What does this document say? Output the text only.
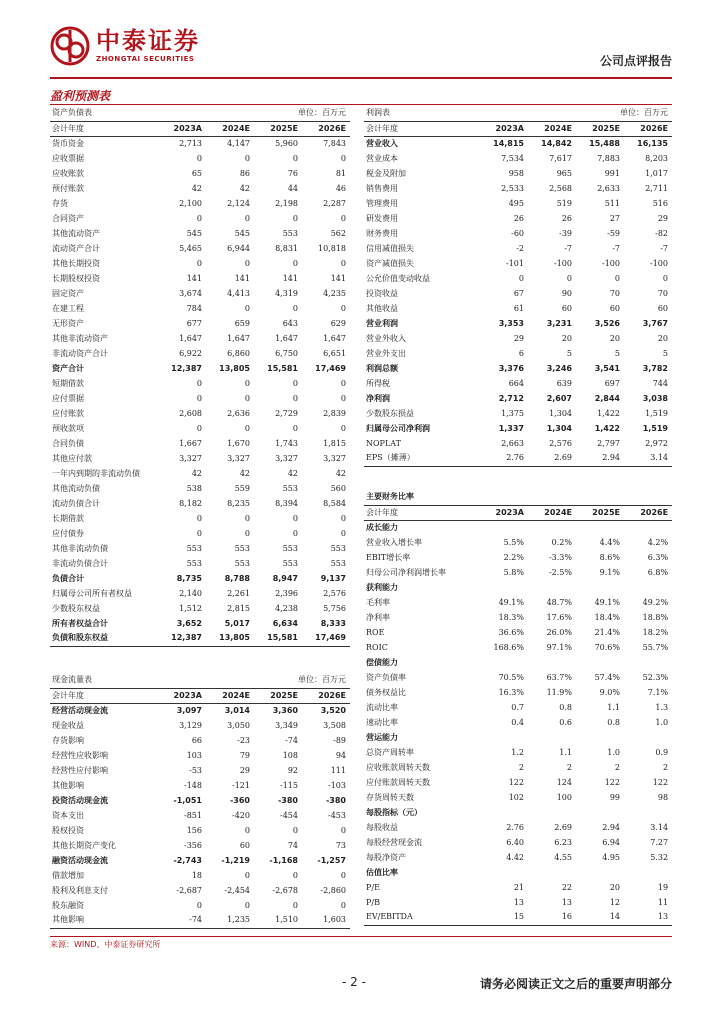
中泰证券
ZHONGTAI SECURITIES	公司点评报告
盈利预测表
资产负债表		单位：百万元		
会计年度	2023A	2024E	2025E	2026E
货币资金	2,713	4,147	5,960	7,843
应收票据	0	0	0	0
应收账款	65	86	76	81
预付账款	42	42	44	46
存货	2,100	2,124	2,198	2,287
合同资产	0	0	0	0
其他流动资产	545	545	553	562
流动资产合计	5,465	6,944	8,831	10,818
其他长期投资	0	0	0	0
长期股权投资	141	141	141	141
固定资产	3,674	4,413	4,319	4,235
在建工程	784	0	0	0
无形资产	677	659	643	629
其他非流动资产	1,647	1,647	1,647	1,647
非流动资产合计	6,922	6,860	6,750	6,651
资产合计	12,387	13,805	15,581	17,469
短期借款	0	0	0	0
应付票据	0	0	0	0
应付账款	2,608	2,636	2,729	2,839
预收款项	0	0	0	0
合同负债	1,667	1,670	1,743	1,815
其他应付款	3,327	3,327	3,327	3,327
一年内到期的非流动负债	42	42	42	42
其他流动负债	538	559	553	560
流动负债合计	8,182	8,235	8,394	8,584
长期借款	0	0	0	0
应付债券	0	0	0	0
其他非流动负债	553	553	553	553
非流动负债合计	553	553	553	553
负债合计	8,735	8,788	8,947	9,137
归属母公司所有者权益	2,140	2,261	2,396	2,576
少数股东权益	1,512	2,815	4,238	5,756
所有者权益合计	3,652	5,017	6,634	8,333
负债和股东权益	12,387	13,805	15,581	17,469
利润表		单位：百万元		
会计年度	2023A	2024E	2025E	2026E
营业收入	14,815	14,842	15,488	16,135
营业成本	7,534	7,617	7,883	8,203
税金及附加	958	965	991	1,017
销售费用	2,533	2,568	2,633	2,711
管理费用	495	519	511	516
研发费用	26	26	27	29
财务费用	-60	-39	-59	-82
信用减值损失	-2	-7	-7	-7
资产减值损失	-101	-100	-100	-100
公允价值变动收益	0	0	0	0
投资收益	67	90	70	70
其他收益	61	60	60	60
营业利润	3,353	3,231	3,526	3,767
营业外收入	29	20	20	20
营业外支出	6	5	5	5
利润总额	3,376	3,246	3,541	3,782
所得税	664	639	697	744
净利润	2,712	2,607	2,844	3,038
少数股东损益	1,375	1,304	1,422	1,519
归属母公司净利润	1,337	1,304	1,422	1,519
NOPLAT	2,663	2,576	2,797	2,972
EPS（摊薄）	2.76	2.69	2.94	3.14
主要财务比率				
会计年度	2023A	2024E	2025E	2026E
成长能力				
营业收入增长率	5.5%	0.2%	4.4%	4.2%
EBIT增长率	2.2%	-3.3%	8.6%	6.3%
归母公司净利润增长率	5.8%	-2.5%	9.1%	6.8%
获利能力				
毛利率	49.1%	48.7%	49.1%	49.2%
净利率	18.3%	17.6%	18.4%	18.8%
ROE	36.6%	26.0%	21.4%	18.2%
ROIC	168.6%	97.1%	70.6%	55.7%
偿债能力				
资产负债率	70.5%	63.7%	57.4%	52.3%
债务权益比	16.3%	11.9%	9.0%	7.1%
流动比率	0.7	0.8	1.1	1.3
速动比率	0.4	0.6	0.8	1.0
营运能力				
总资产周转率	1.2	1.1	1.0	0.9
应收账款周转天数	2	2	2	2
应付账款周转天数	122	124	122	122
存货周转天数	102	100	99	98
每股指标（元）				
每股收益	2.76	2.69	2.94	3.14
每股经营现金流	6.40	6.23	6.94	7.27
每股净资产	4.42	4.55	4.95	5.32
估值比率				
P/E	21	22	20	19
P/B	13	13	12	11
EV/EBITDA	15	16	14	13
现金流量表		单位：百万元		
会计年度	2023A	2024E	2025E	2026E
经营活动现金流	3,097	3,014	3,360	3,520
现金收益	3,129	3,050	3,349	3,508
存货影响	66	-23	-74	-89
经营性应收影响	103	79	108	94
经营性应付影响	-53	29	92	111
其他影响	-148	-121	-115	-103
投资活动现金流	-1,051	-360	-380	-380
资本支出	-851	-420	-454	-453
股权投资	156	0	0	0
其他长期资产变化	-356	60	74	73
融资活动现金流	-2,743	-1,219	-1,168	-1,257
借款增加	18	0	0	0
股利及利息支付	-2,687	-2,454	-2,678	-2,860
股东融资	0	0	0	0
其他影响	-74	1,235	1,510	1,603
来源：WIND、中泰证券研究所
- 2 -	请务必阅读正文之后的重要声明部分
